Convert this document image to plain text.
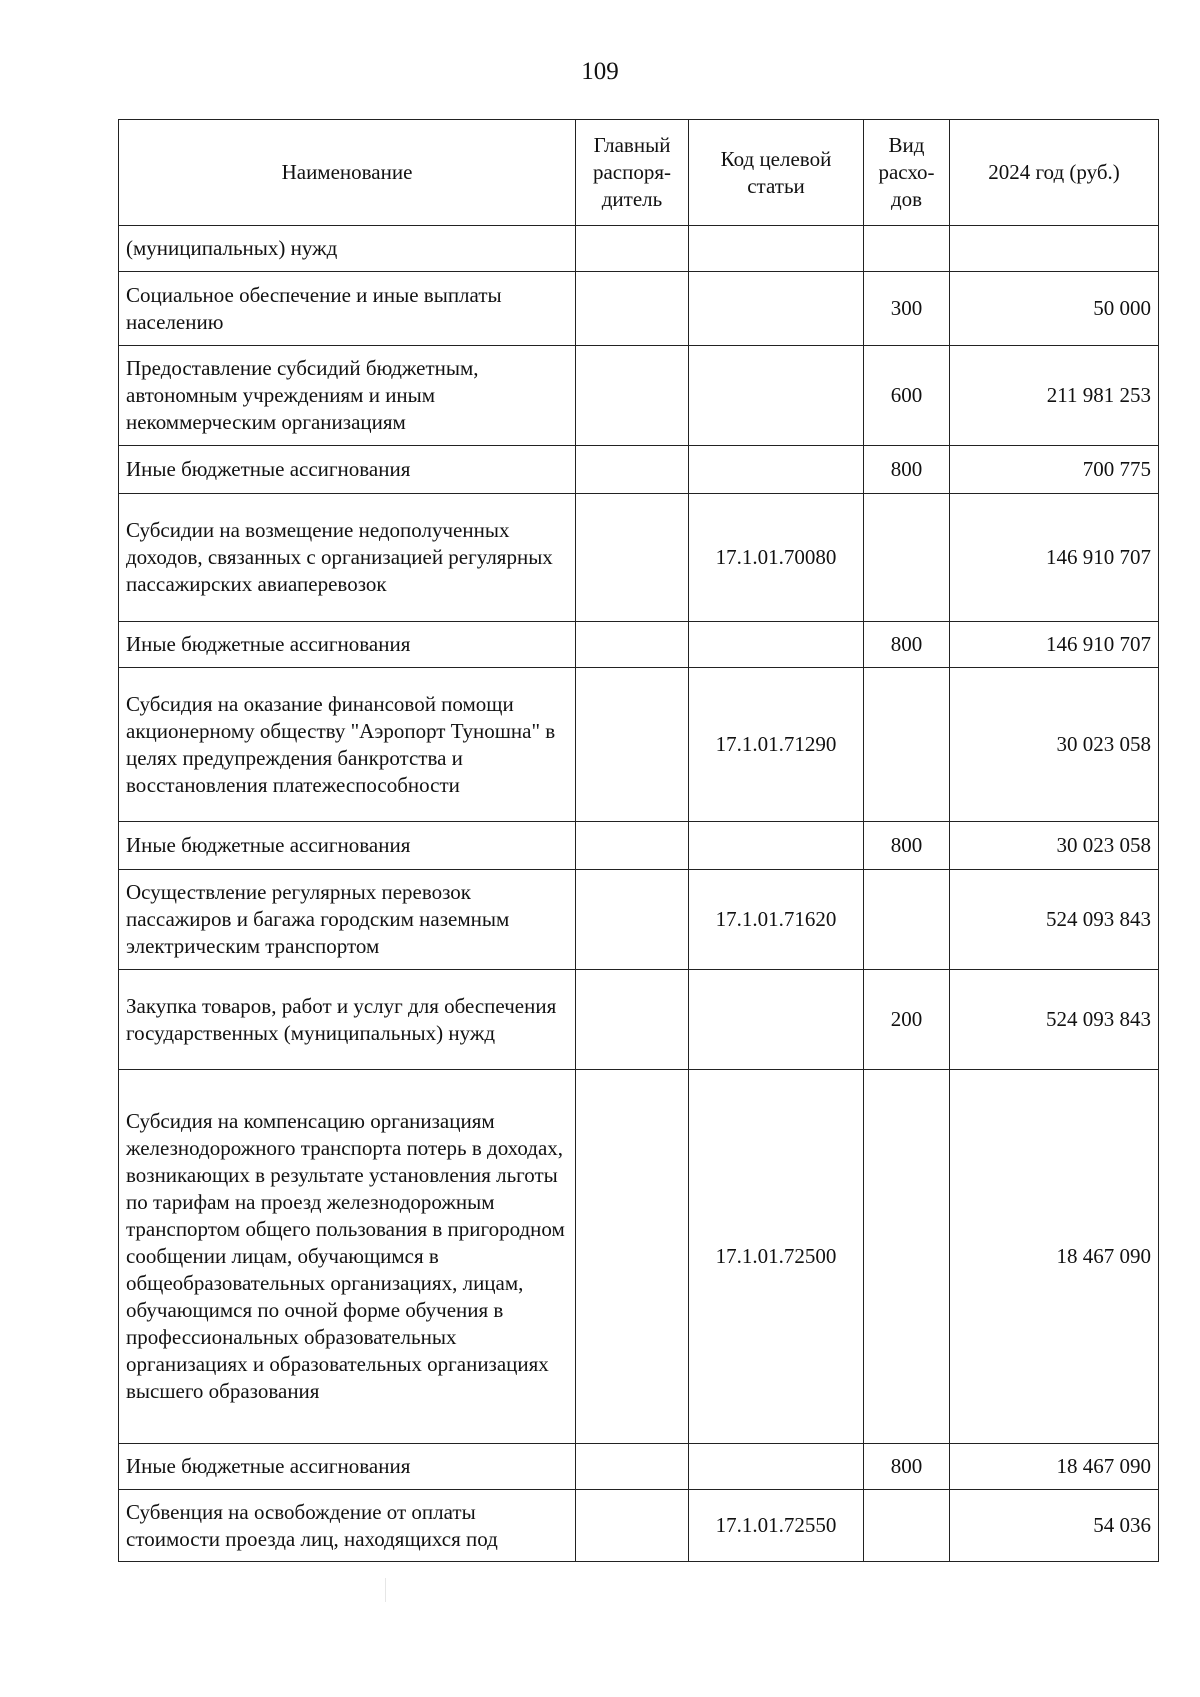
109
Наименование	Главный распоря-дитель	Код целевой статьи	Вид расхо-дов	2024 год (руб.)
(муниципальных) нужд				
Социальное обеспечение и иные выплаты населению			300	50 000
Предоставление субсидий бюджетным, автономным учреждениям и иным некоммерческим организациям			600	211 981 253
Иные бюджетные ассигнования			800	700 775
Субсидии на возмещение недополученных доходов, связанных с организацией регулярных пассажирских авиаперевозок		17.1.01.70080		146 910 707
Иные бюджетные ассигнования			800	146 910 707
Субсидия на оказание финансовой помощи акционерному обществу "Аэропорт Туношна" в целях предупреждения банкротства и восстановления платежеспособности		17.1.01.71290		30 023 058
Иные бюджетные ассигнования			800	30 023 058
Осуществление регулярных перевозок пассажиров и багажа городским наземным электрическим транспортом		17.1.01.71620		524 093 843
Закупка товаров, работ и услуг для обеспечения государственных (муниципальных) нужд			200	524 093 843
Субсидия на компенсацию организациям железнодорожного транспорта потерь в доходах, возникающих в результате установления льготы по тарифам на проезд железнодорожным транспортом общего пользования в пригородном сообщении лицам, обучающимся в общеобразовательных организациях, лицам, обучающимся по очной форме обучения в профессиональных образовательных организациях и образовательных организациях высшего образования		17.1.01.72500		18 467 090
Иные бюджетные ассигнования			800	18 467 090
Субвенция на освобождение от оплаты стоимости проезда лиц, находящихся под		17.1.01.72550		54 036
